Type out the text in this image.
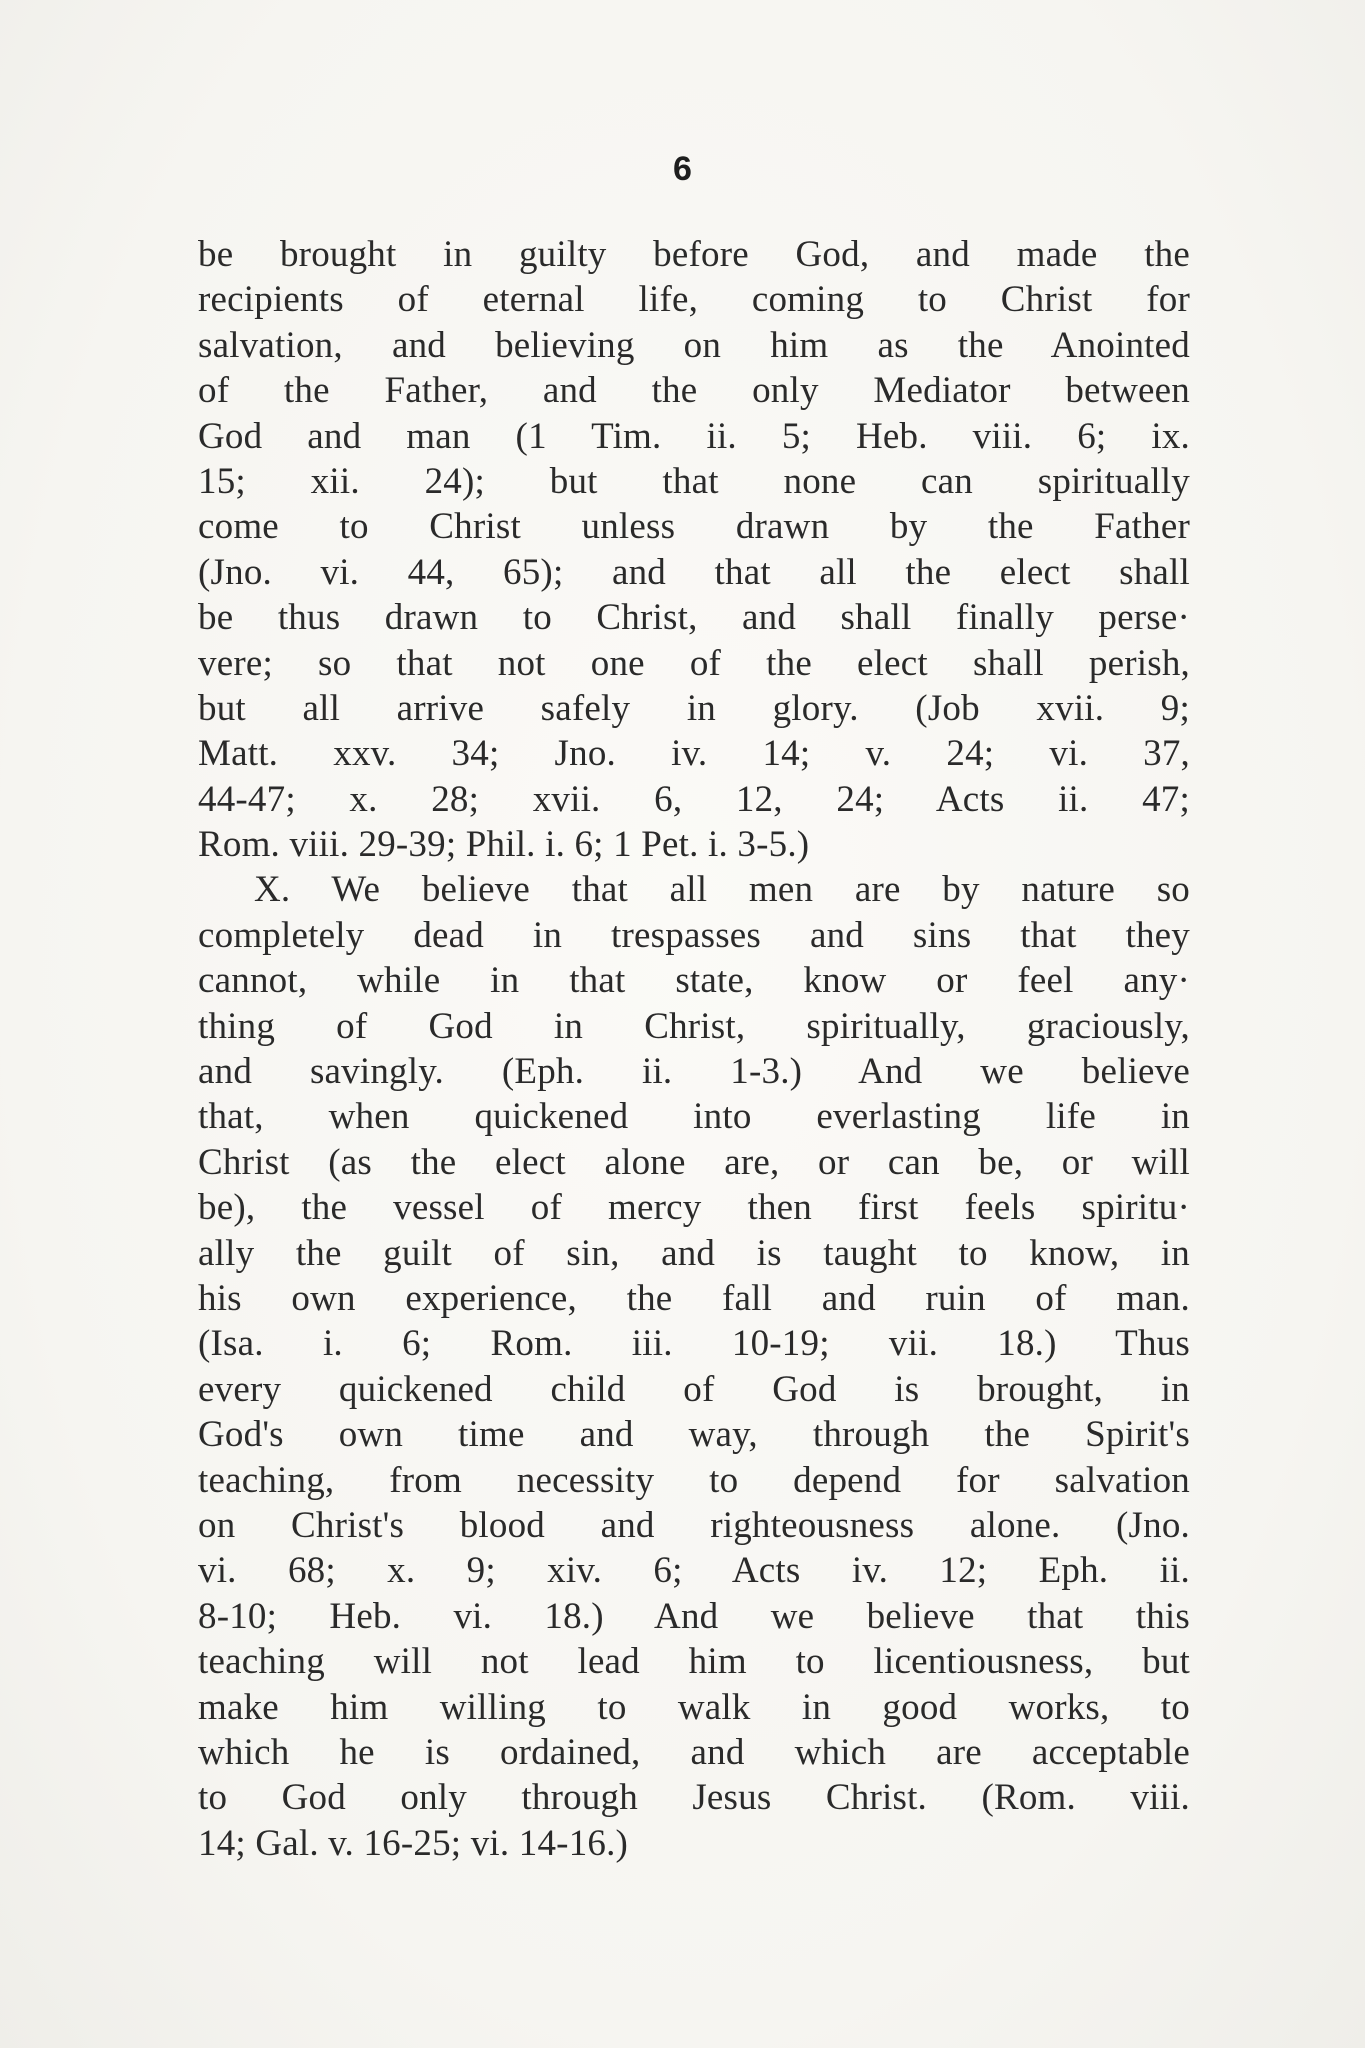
6
be brought in guilty before God, and made the
recipients of eternal life, coming to Christ for
salvation, and believing on him as the Anointed
of the Father, and the only Mediator between
God and man (1 Tim. ii. 5; Heb. viii. 6; ix.
15; xii. 24); but that none can spiritually
come to Christ unless drawn by the Father
(Jno. vi. 44, 65); and that all the elect shall
be thus drawn to Christ, and shall finally perse·
vere; so that not one of the elect shall perish,
but all arrive safely in glory. (Job xvii. 9;
Matt. xxv. 34; Jno. iv. 14; v. 24; vi. 37,
44-47; x. 28; xvii. 6, 12, 24; Acts ii. 47;
Rom. viii. 29-39; Phil. i. 6; 1 Pet. i. 3-5.)
X. We believe that all men are by nature so
completely dead in trespasses and sins that they
cannot, while in that state, know or feel any·
thing of God in Christ, spiritually, graciously,
and savingly. (Eph. ii. 1-3.) And we believe
that, when quickened into everlasting life in
Christ (as the elect alone are, or can be, or will
be), the vessel of mercy then first feels spiritu·
ally the guilt of sin, and is taught to know, in
his own experience, the fall and ruin of man.
(Isa. i. 6; Rom. iii. 10-19; vii. 18.) Thus
every quickened child of God is brought, in
God's own time and way, through the Spirit's
teaching, from necessity to depend for salvation
on Christ's blood and righteousness alone. (Jno.
vi. 68; x. 9; xiv. 6; Acts iv. 12; Eph. ii.
8-10; Heb. vi. 18.) And we believe that this
teaching will not lead him to licentiousness, but
make him willing to walk in good works, to
which he is ordained, and which are acceptable
to God only through Jesus Christ. (Rom. viii.
14; Gal. v. 16-25; vi. 14-16.)
